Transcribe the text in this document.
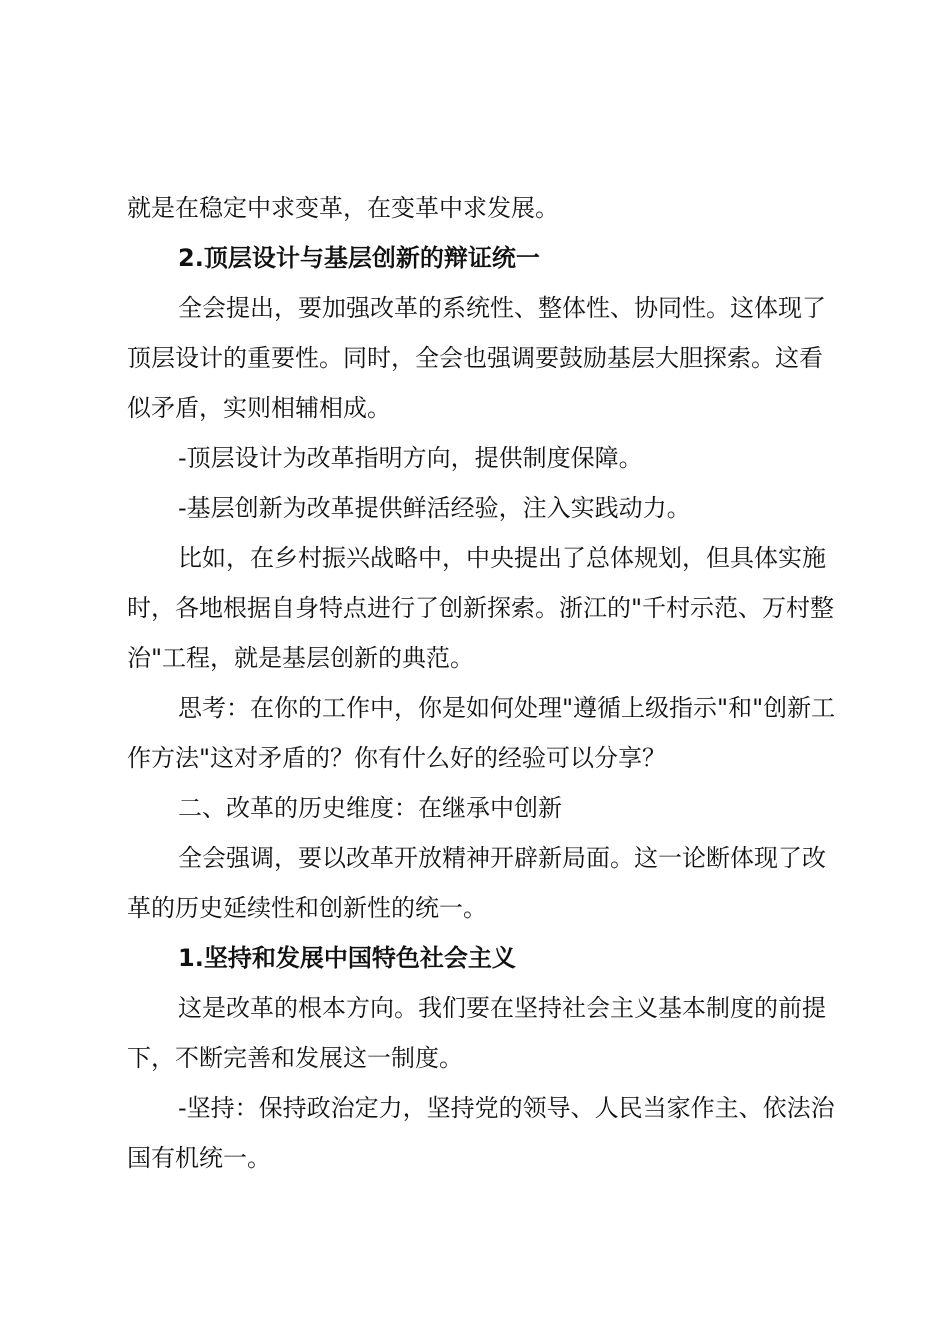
就是在稳定中求变革，在变革中求发展。

2.顶层设计与基层创新的辩证统一

全会提出，要加强改革的系统性、整体性、协同性。这体现了顶层设计的重要性。同时，全会也强调要鼓励基层大胆探索。这看似矛盾，实则相辅相成。

-顶层设计为改革指明方向，提供制度保障。

-基层创新为改革提供鲜活经验，注入实践动力。

比如，在乡村振兴战略中，中央提出了总体规划，但具体实施时，各地根据自身特点进行了创新探索。浙江的"千村示范、万村整治"工程，就是基层创新的典范。

思考：在你的工作中，你是如何处理"遵循上级指示"和"创新工作方法"这对矛盾的？你有什么好的经验可以分享？

二、改革的历史维度：在继承中创新

全会强调，要以改革开放精神开辟新局面。这一论断体现了改革的历史延续性和创新性的统一。

1.坚持和发展中国特色社会主义

这是改革的根本方向。我们要在坚持社会主义基本制度的前提下，不断完善和发展这一制度。

-坚持：保持政治定力，坚持党的领导、人民当家作主、依法治国有机统一。
